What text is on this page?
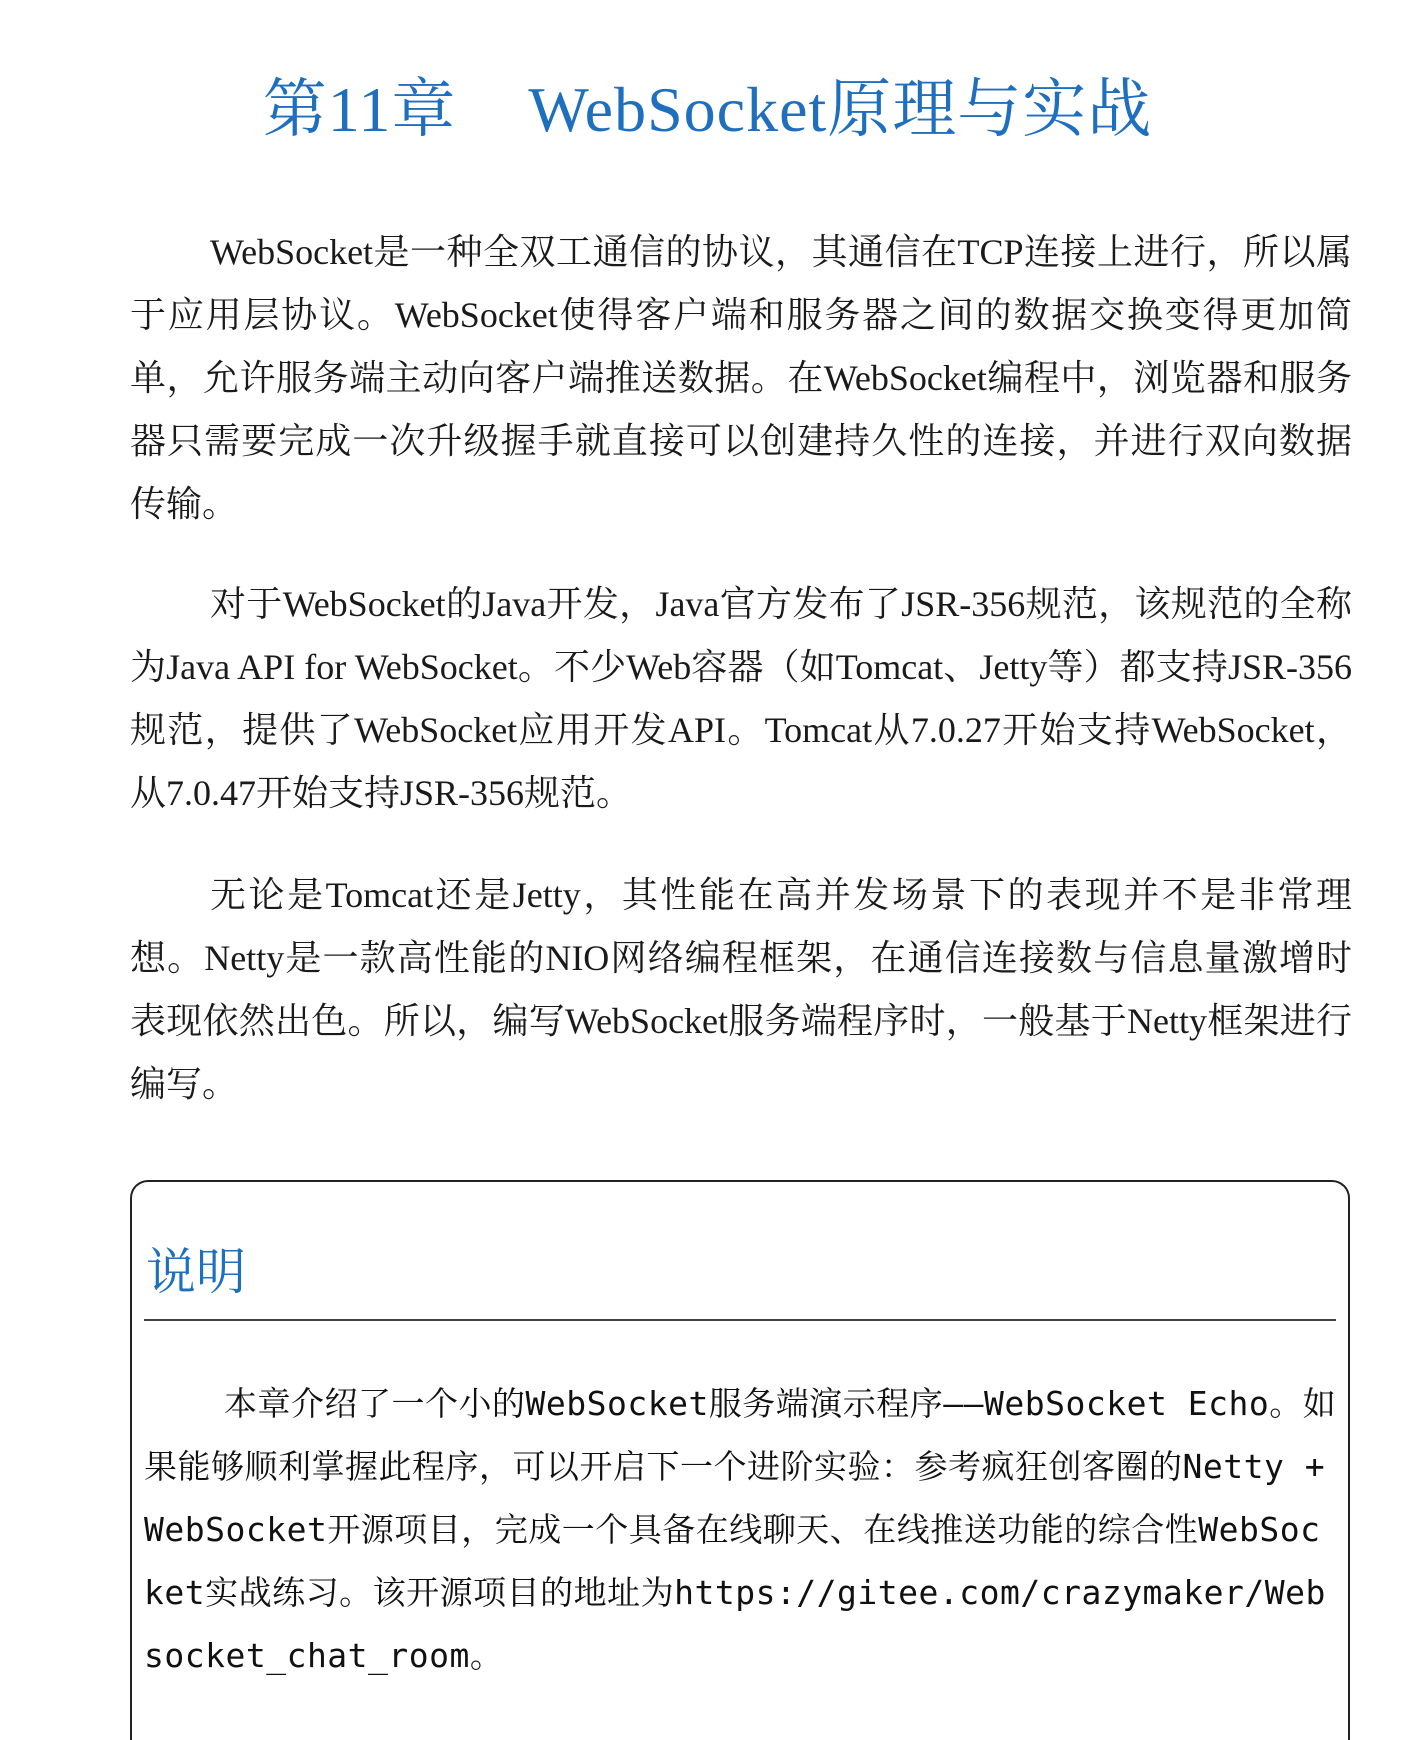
第11章 WebSocket原理与实战

WebSocket是一种全双工通信的协议，其通信在TCP连接上进行，所以属于应用层协议。WebSocket使得客户端和服务器之间的数据交换变得更加简单，允许服务端主动向客户端推送数据。在WebSocket编程中，浏览器和服务器只需要完成一次升级握手就直接可以创建持久性的连接，并进行双向数据传输。

对于WebSocket的Java开发，Java官方发布了JSR-356规范，该规范的全称为Java API for WebSocket。不少Web容器（如Tomcat、Jetty等）都支持JSR-356规范，提供了WebSocket应用开发API。Tomcat从7.0.27开始支持WebSocket，从7.0.47开始支持JSR-356规范。

无论是Tomcat还是Jetty，其性能在高并发场景下的表现并不是非常理想。Netty是一款高性能的NIO网络编程框架，在通信连接数与信息量激增时表现依然出色。所以，编写WebSocket服务端程序时，一般基于Netty框架进行编写。

说明

本章介绍了一个小的WebSocket服务端演示程序——WebSocket Echo。如果能够顺利掌握此程序，可以开启下一个进阶实验：参考疯狂创客圈的Netty + WebSocket开源项目，完成一个具备在线聊天、在线推送功能的综合性WebSocket实战练习。该开源项目的地址为https://gitee.com/crazymaker/Websocket_chat_room。
